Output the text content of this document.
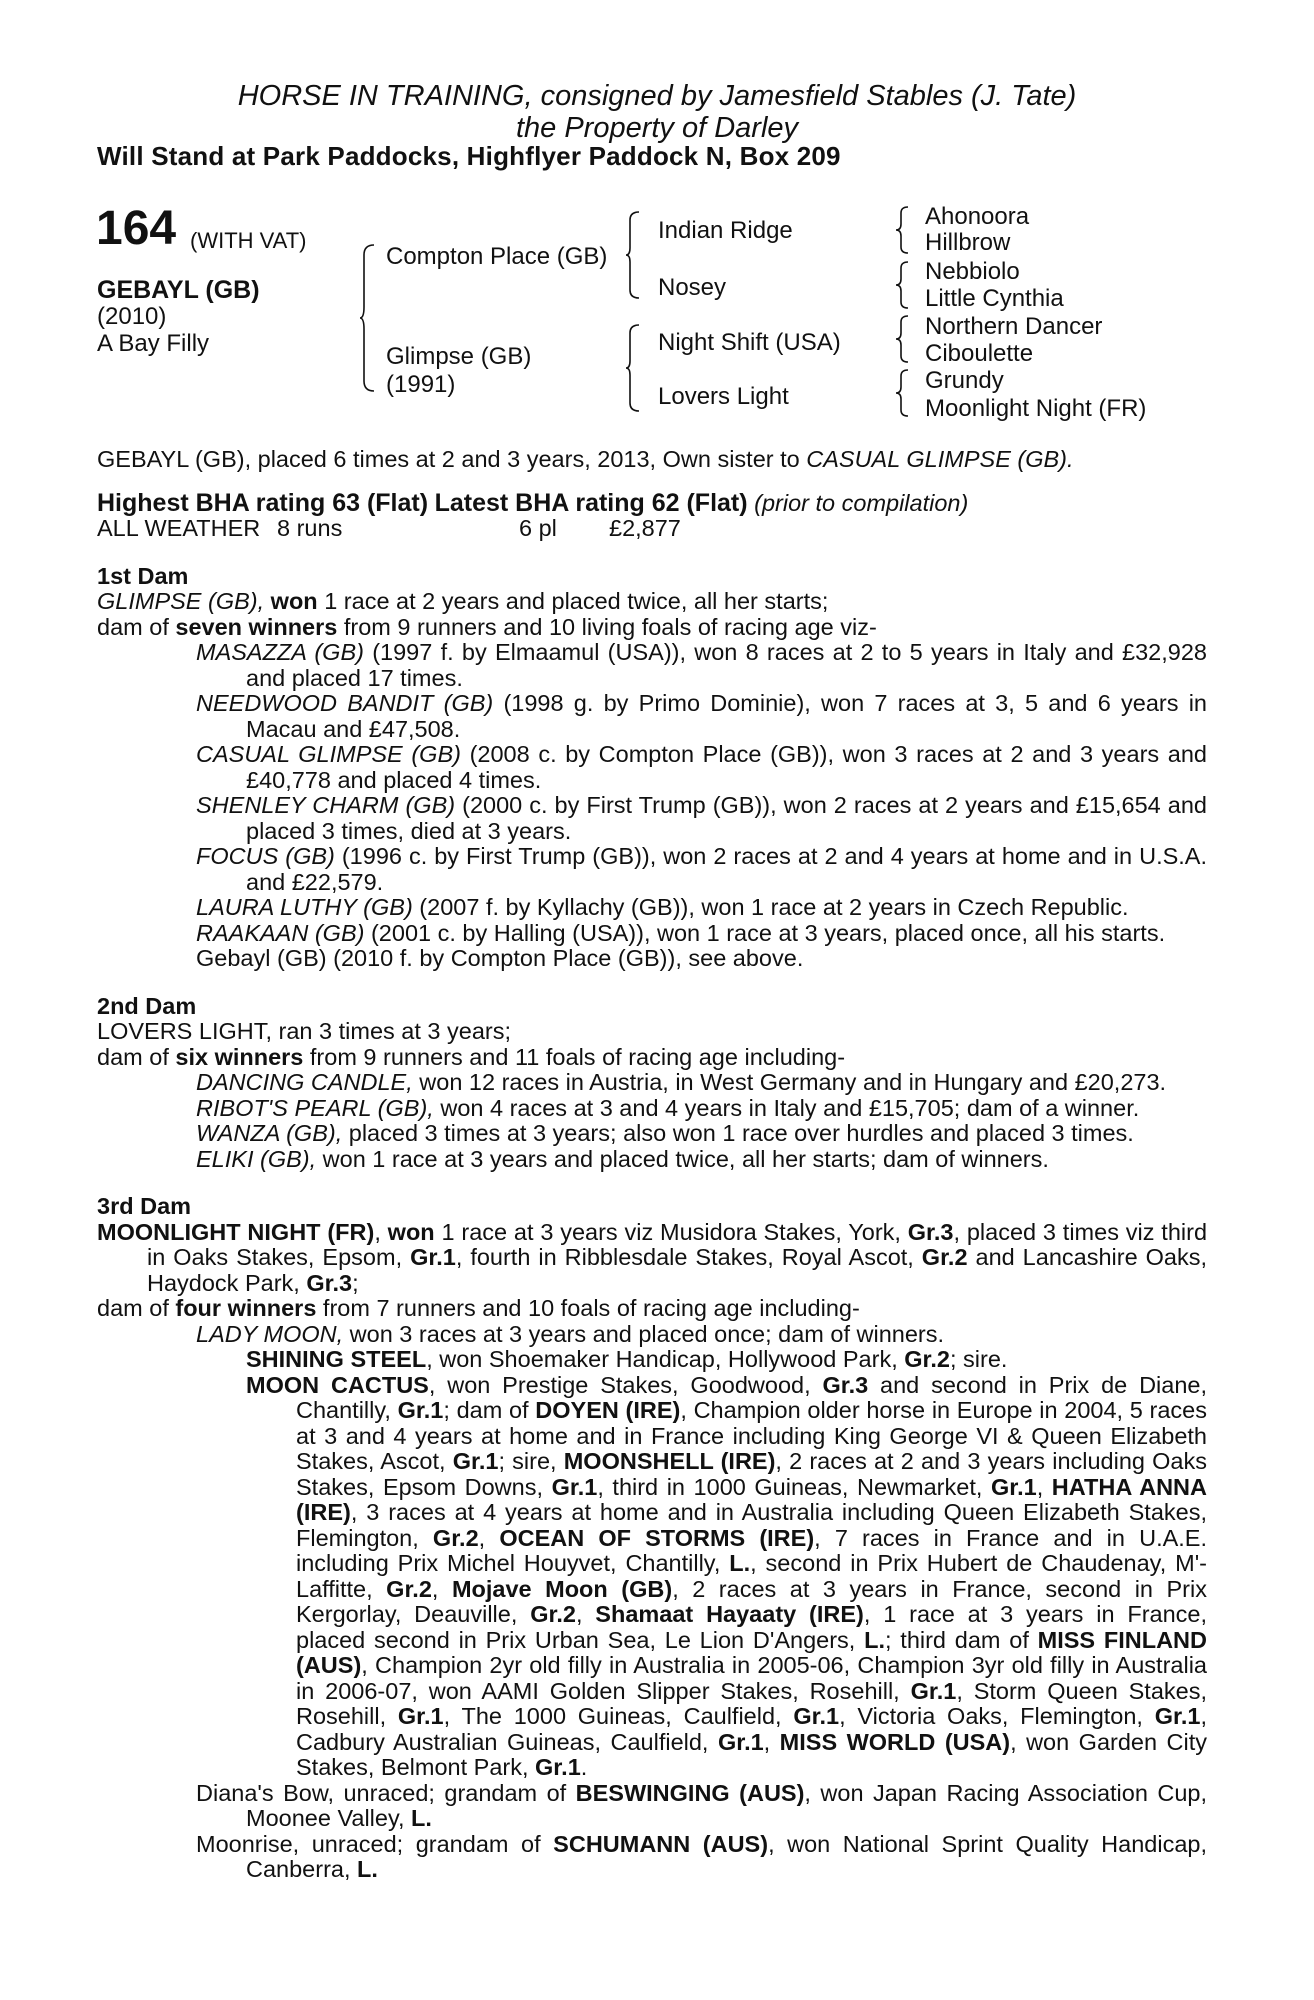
HORSE IN TRAINING, consigned by Jamesfield Stables (J. Tate)
the Property of Darley
Will Stand at Park Paddocks, Highflyer Paddock N, Box 209
164 (WITH VAT)
GEBAYL (GB)
(2010)
A Bay Filly
Compton Place (GB)
Glimpse (GB)
(1991)
Indian Ridge
Nosey
Night Shift (USA)
Lovers Light
Ahonoora
Hillbrow
Nebbiolo
Little Cynthia
Northern Dancer
Ciboulette
Grundy
Moonlight Night (FR)

GEBAYL (GB), placed 6 times at 2 and 3 years, 2013, Own sister to CASUAL GLIMPSE (GB).

Highest BHA rating 63 (Flat) Latest BHA rating 62 (Flat) (prior to compilation)

ALL WEATHER 8 runs	6 pl	£2,877
1st Dam

GLIMPSE (GB), won 1 race at 2 years and placed twice, all her starts;

dam of seven winners from 9 runners and 10 living foals of racing age viz-

MASAZZA (GB) (1997 f. by Elmaamul (USA)), won 8 races at 2 to 5 years in Italy and £32,928 and placed 17 times.

NEEDWOOD BANDIT (GB) (1998 g. by Primo Dominie), won 7 races at 3, 5 and 6 years in Macau and £47,508.

CASUAL GLIMPSE (GB) (2008 c. by Compton Place (GB)), won 3 races at 2 and 3 years and £40,778 and placed 4 times.

SHENLEY CHARM (GB) (2000 c. by First Trump (GB)), won 2 races at 2 years and £15,654 and placed 3 times, died at 3 years.

FOCUS (GB) (1996 c. by First Trump (GB)), won 2 races at 2 and 4 years at home and in U.S.A. and £22,579.

LAURA LUTHY (GB) (2007 f. by Kyllachy (GB)), won 1 race at 2 years in Czech Republic.

RAAKAAN (GB) (2001 c. by Halling (USA)), won 1 race at 3 years, placed once, all his starts.

Gebayl (GB) (2010 f. by Compton Place (GB)), see above.

2nd Dam

LOVERS LIGHT, ran 3 times at 3 years;

dam of six winners from 9 runners and 11 foals of racing age including-

DANCING CANDLE, won 12 races in Austria, in West Germany and in Hungary and £20,273.

RIBOT'S PEARL (GB), won 4 races at 3 and 4 years in Italy and £15,705; dam of a winner.

WANZA (GB), placed 3 times at 3 years; also won 1 race over hurdles and placed 3 times.

ELIKI (GB), won 1 race at 3 years and placed twice, all her starts; dam of winners.

3rd Dam

MOONLIGHT NIGHT (FR), won 1 race at 3 years viz Musidora Stakes, York, Gr.3, placed 3 times viz third in Oaks Stakes, Epsom, Gr.1, fourth in Ribblesdale Stakes, Royal Ascot, Gr.2 and Lancashire Oaks, Haydock Park, Gr.3;

dam of four winners from 7 runners and 10 foals of racing age including-

LADY MOON, won 3 races at 3 years and placed once; dam of winners.

SHINING STEEL, won Shoemaker Handicap, Hollywood Park, Gr.2; sire.

MOON CACTUS, won Prestige Stakes, Goodwood, Gr.3 and second in Prix de Diane, Chantilly, Gr.1; dam of DOYEN (IRE), Champion older horse in Europe in 2004, 5 races at 3 and 4 years at home and in France including King George VI & Queen Elizabeth Stakes, Ascot, Gr.1; sire, MOONSHELL (IRE), 2 races at 2 and 3 years including Oaks Stakes, Epsom Downs, Gr.1, third in 1000 Guineas, Newmarket, Gr.1, HATHA ANNA (IRE), 3 races at 4 years at home and in Australia including Queen Elizabeth Stakes, Flemington, Gr.2, OCEAN OF STORMS (IRE), 7 races in France and in U.A.E. including Prix Michel Houyvet, Chantilly, L., second in Prix Hubert de Chaudenay, M'-Laffitte, Gr.2, Mojave Moon (GB), 2 races at 3 years in France, second in Prix Kergorlay, Deauville, Gr.2, Shamaat Hayaaty (IRE), 1 race at 3 years in France, placed second in Prix Urban Sea, Le Lion D'Angers, L.; third dam of MISS FINLAND (AUS), Champion 2yr old filly in Australia in 2005-06, Champion 3yr old filly in Australia in 2006-07, won AAMI Golden Slipper Stakes, Rosehill, Gr.1, Storm Queen Stakes, Rosehill, Gr.1, The 1000 Guineas, Caulfield, Gr.1, Victoria Oaks, Flemington, Gr.1, Cadbury Australian Guineas, Caulfield, Gr.1, MISS WORLD (USA), won Garden City Stakes, Belmont Park, Gr.1.

Diana's Bow, unraced; grandam of BESWINGING (AUS), won Japan Racing Association Cup, Moonee Valley, L.

Moonrise, unraced; grandam of SCHUMANN (AUS), won National Sprint Quality Handicap, Canberra, L.
